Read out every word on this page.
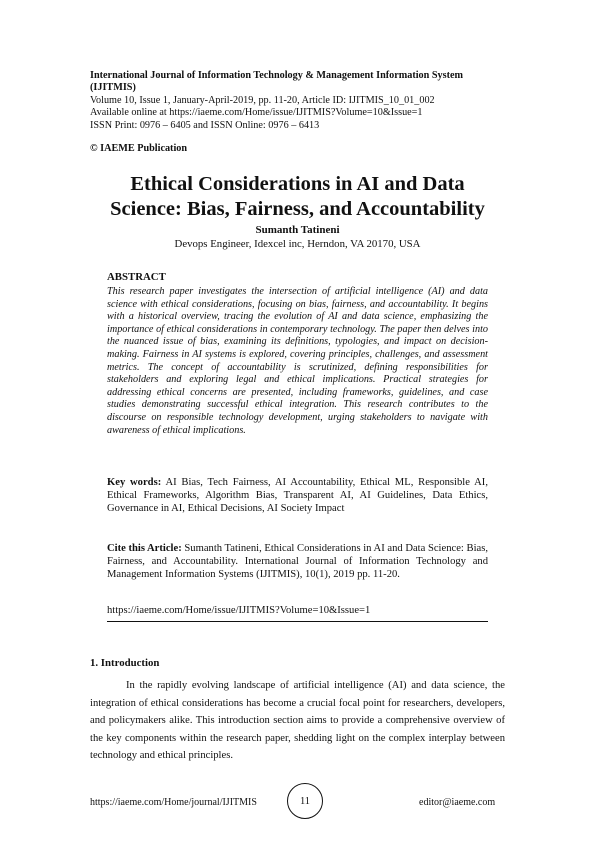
International Journal of Information Technology & Management Information System (IJITMIS)
Volume 10, Issue 1, January-April-2019, pp. 11-20, Article ID: IJITMIS_10_01_002
Available online at https://iaeme.com/Home/issue/IJITMIS?Volume=10&Issue=1
ISSN Print: 0976 – 6405 and ISSN Online: 0976 – 6413
© IAEME Publication
Ethical Considerations in AI and Data
Science: Bias, Fairness, and Accountability
Sumanth Tatineni
Devops Engineer, Idexcel inc, Herndon, VA 20170, USA
ABSTRACT
This research paper investigates the intersection of artificial intelligence (AI) and data science with ethical considerations, focusing on bias, fairness, and accountability. It begins with a historical overview, tracing the evolution of AI and data science, emphasizing the importance of ethical considerations in contemporary technology. The paper then delves into the nuanced issue of bias, examining its definitions, typologies, and impact on decision-making. Fairness in AI systems is explored, covering principles, challenges, and assessment metrics. The concept of accountability is scrutinized, defining responsibilities for stakeholders and exploring legal and ethical implications. Practical strategies for addressing ethical concerns are presented, including frameworks, guidelines, and case studies demonstrating successful ethical integration. This research contributes to the discourse on responsible technology development, urging stakeholders to navigate with awareness of ethical implications.
Key words: AI Bias, Tech Fairness, AI Accountability, Ethical ML, Responsible AI, Ethical Frameworks, Algorithm Bias, Transparent AI, AI Guidelines, Data Ethics, Governance in AI, Ethical Decisions, AI Society Impact
Cite this Article: Sumanth Tatineni, Ethical Considerations in AI and Data Science: Bias, Fairness, and Accountability. International Journal of Information Technology and Management Information Systems (IJITMIS), 10(1), 2019 pp. 11-20.
https://iaeme.com/Home/issue/IJITMIS?Volume=10&Issue=1
1. Introduction

In the rapidly evolving landscape of artificial intelligence (AI) and data science, the integration of ethical considerations has become a crucial focal point for researchers, developers, and policymakers alike. This introduction section aims to provide a comprehensive overview of the key components within the research paper, shedding light on the complex interplay between technology and ethical principles.

https://iaeme.com/Home/journal/IJITMIS	11	editor@iaeme.com
